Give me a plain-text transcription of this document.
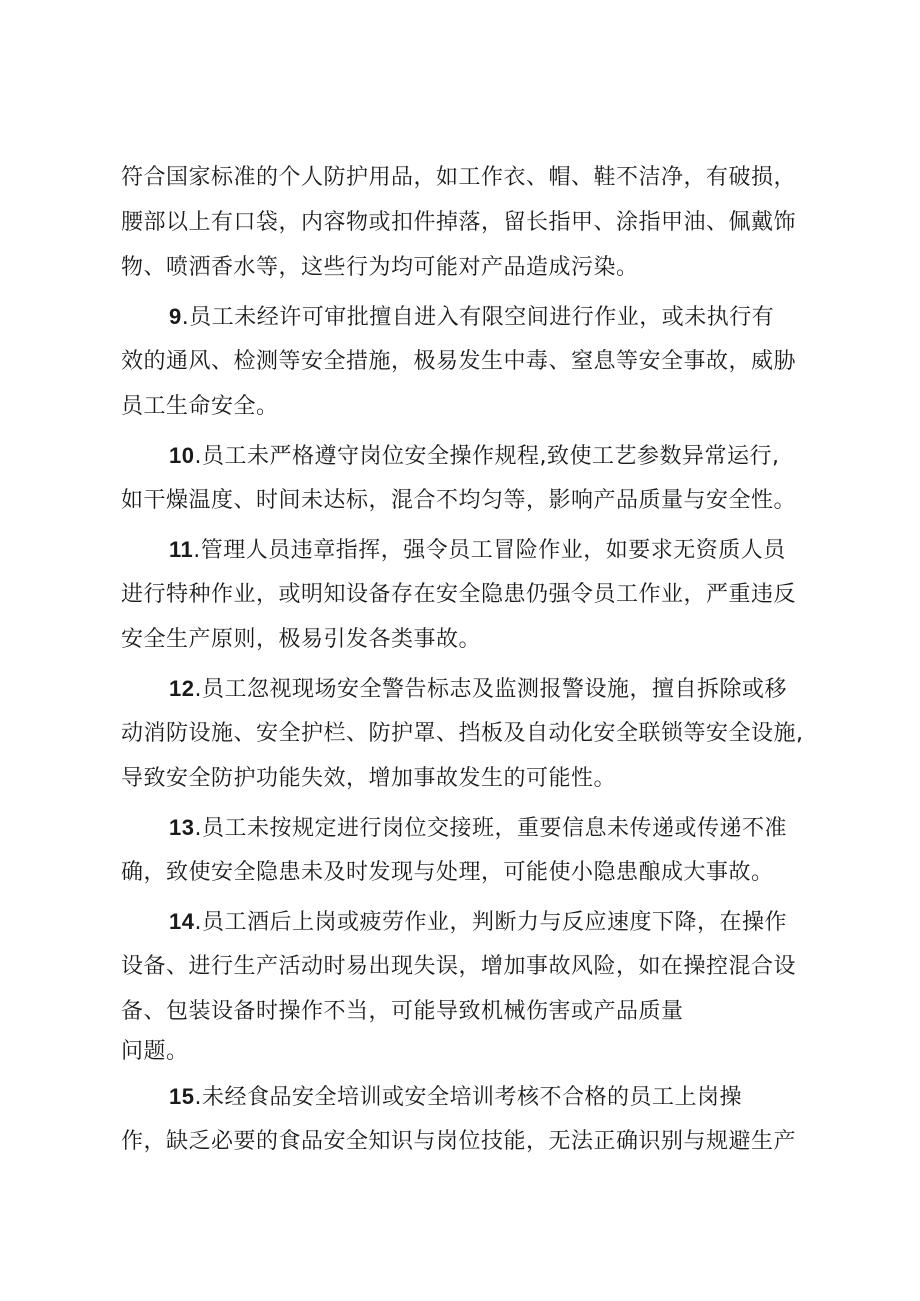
符合国家标准的个人防护用品，如工作衣、帽、鞋不洁净，有破损，
腰部以上有口袋，内容物或扣件掉落，留长指甲、涂指甲油、佩戴饰
物、喷洒香水等，这些行为均可能对产品造成污染。
9.员工未经许可审批擅自进入有限空间进行作业，或未执行有
效的通风、检测等安全措施，极易发生中毒、窒息等安全事故，威胁
员工生命安全。
10.员工未严格遵守岗位安全操作规程,致使工艺参数异常运行,
如干燥温度、时间未达标，混合不均匀等，影响产品质量与安全性。
11.管理人员违章指挥，强令员工冒险作业，如要求无资质人员
进行特种作业，或明知设备存在安全隐患仍强令员工作业，严重违反
安全生产原则，极易引发各类事故。
12.员工忽视现场安全警告标志及监测报警设施，擅自拆除或移
动消防设施、安全护栏、防护罩、挡板及自动化安全联锁等安全设施,
导致安全防护功能失效，增加事故发生的可能性。
13.员工未按规定进行岗位交接班，重要信息未传递或传递不准
确，致使安全隐患未及时发现与处理，可能使小隐患酿成大事故。
14.员工酒后上岗或疲劳作业，判断力与反应速度下降，在操作
设备、进行生产活动时易出现失误，增加事故风险，如在操控混合设
备、包装设备时操作不当，可能导致机械伤害或产品质量
问题。
15.未经食品安全培训或安全培训考核不合格的员工上岗操
作，缺乏必要的食品安全知识与岗位技能，无法正确识别与规避生产
